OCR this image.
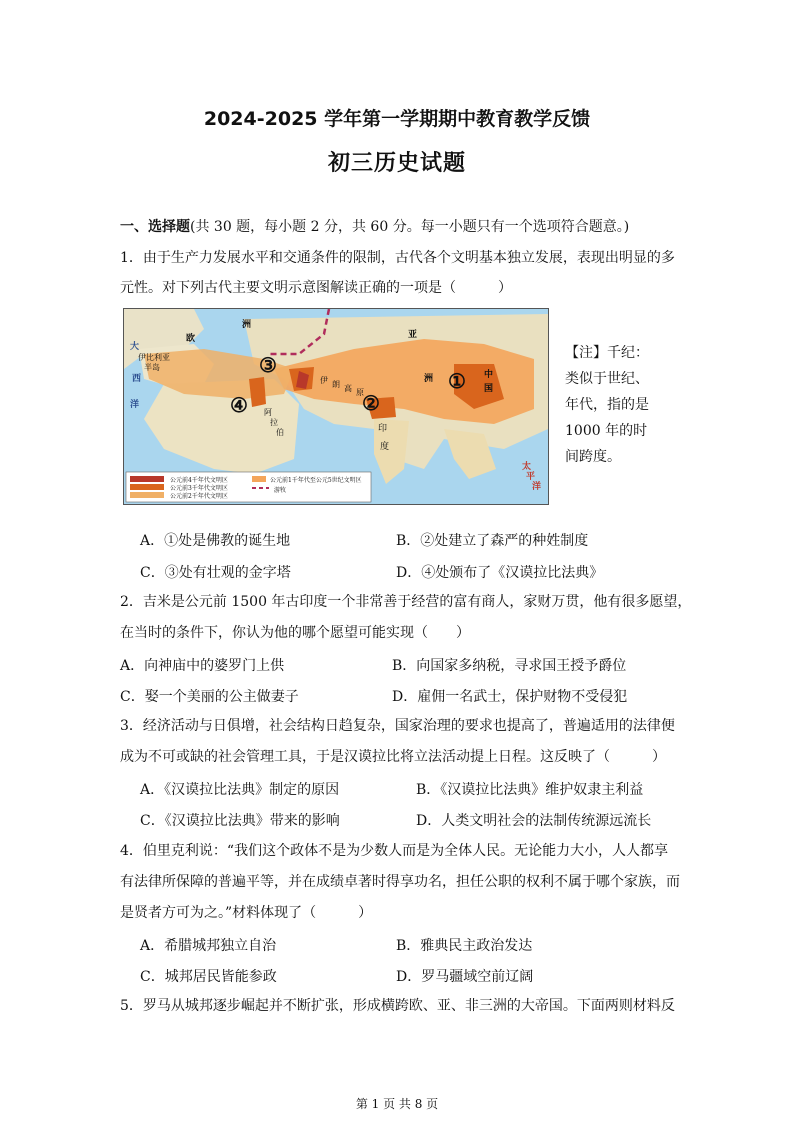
2024-2025 学年第一学期期中教育教学反馈
初三历史试题
一、选择题(共 30 题，每小题 2 分，共 60 分。每一小题只有一个选项符合题意。)
1．由于生产力发展水平和交通条件的限制，古代各个文明基本独立发展，表现出明显的多
元性。对下列古代主要文明示意图解读正确的一项是（　　　）
欧
洲
大
西
洋
伊比利亚
半岛
亚
洲
伊 朗 高 原
阿
拉
伯	印
度
中
国
太
平
洋
③
④	②
①
公元前4千年代文明区
公元前3千年代文明区
公元前2千年代文明区
公元前1千年代至公元5世纪文明区
游牧
【注】千纪：类似于世纪、年代，指的是 1000 年的时间跨度。
A．①处是佛教的诞生地	B．②处建立了森严的种姓制度
C．③处有壮观的金字塔	D．④处颁布了《汉谟拉比法典》
2．吉米是公元前 1500 年古印度一个非常善于经营的富有商人，家财万贯，他有很多愿望，
在当时的条件下，你认为他的哪个愿望可能实现（　　）
A．向神庙中的婆罗门上供	B．向国家多纳税，寻求国王授予爵位
C．娶一个美丽的公主做妻子	D．雇佣一名武士，保护财物不受侵犯
3．经济活动与日俱增，社会结构日趋复杂，国家治理的要求也提高了，普遍适用的法律便
成为不可或缺的社会管理工具，于是汉谟拉比将立法活动提上日程。这反映了（　　　）
A．《汉谟拉比法典》制定的原因	B．《汉谟拉比法典》维护奴隶主利益
C．《汉谟拉比法典》带来的影响	D．人类文明社会的法制传统源远流长
4．伯里克利说：“我们这个政体不是为少数人而是为全体人民。无论能力大小，人人都享
有法律所保障的普遍平等，并在成绩卓著时得享功名，担任公职的权利不属于哪个家族，而
是贤者方可为之。”材料体现了（　　　）
A．希腊城邦独立自治	B．雅典民主政治发达
C．城邦居民皆能参政	D．罗马疆域空前辽阔
5．罗马从城邦逐步崛起并不断扩张，形成横跨欧、亚、非三洲的大帝国。下面两则材料反
第 1 页 共 8 页
